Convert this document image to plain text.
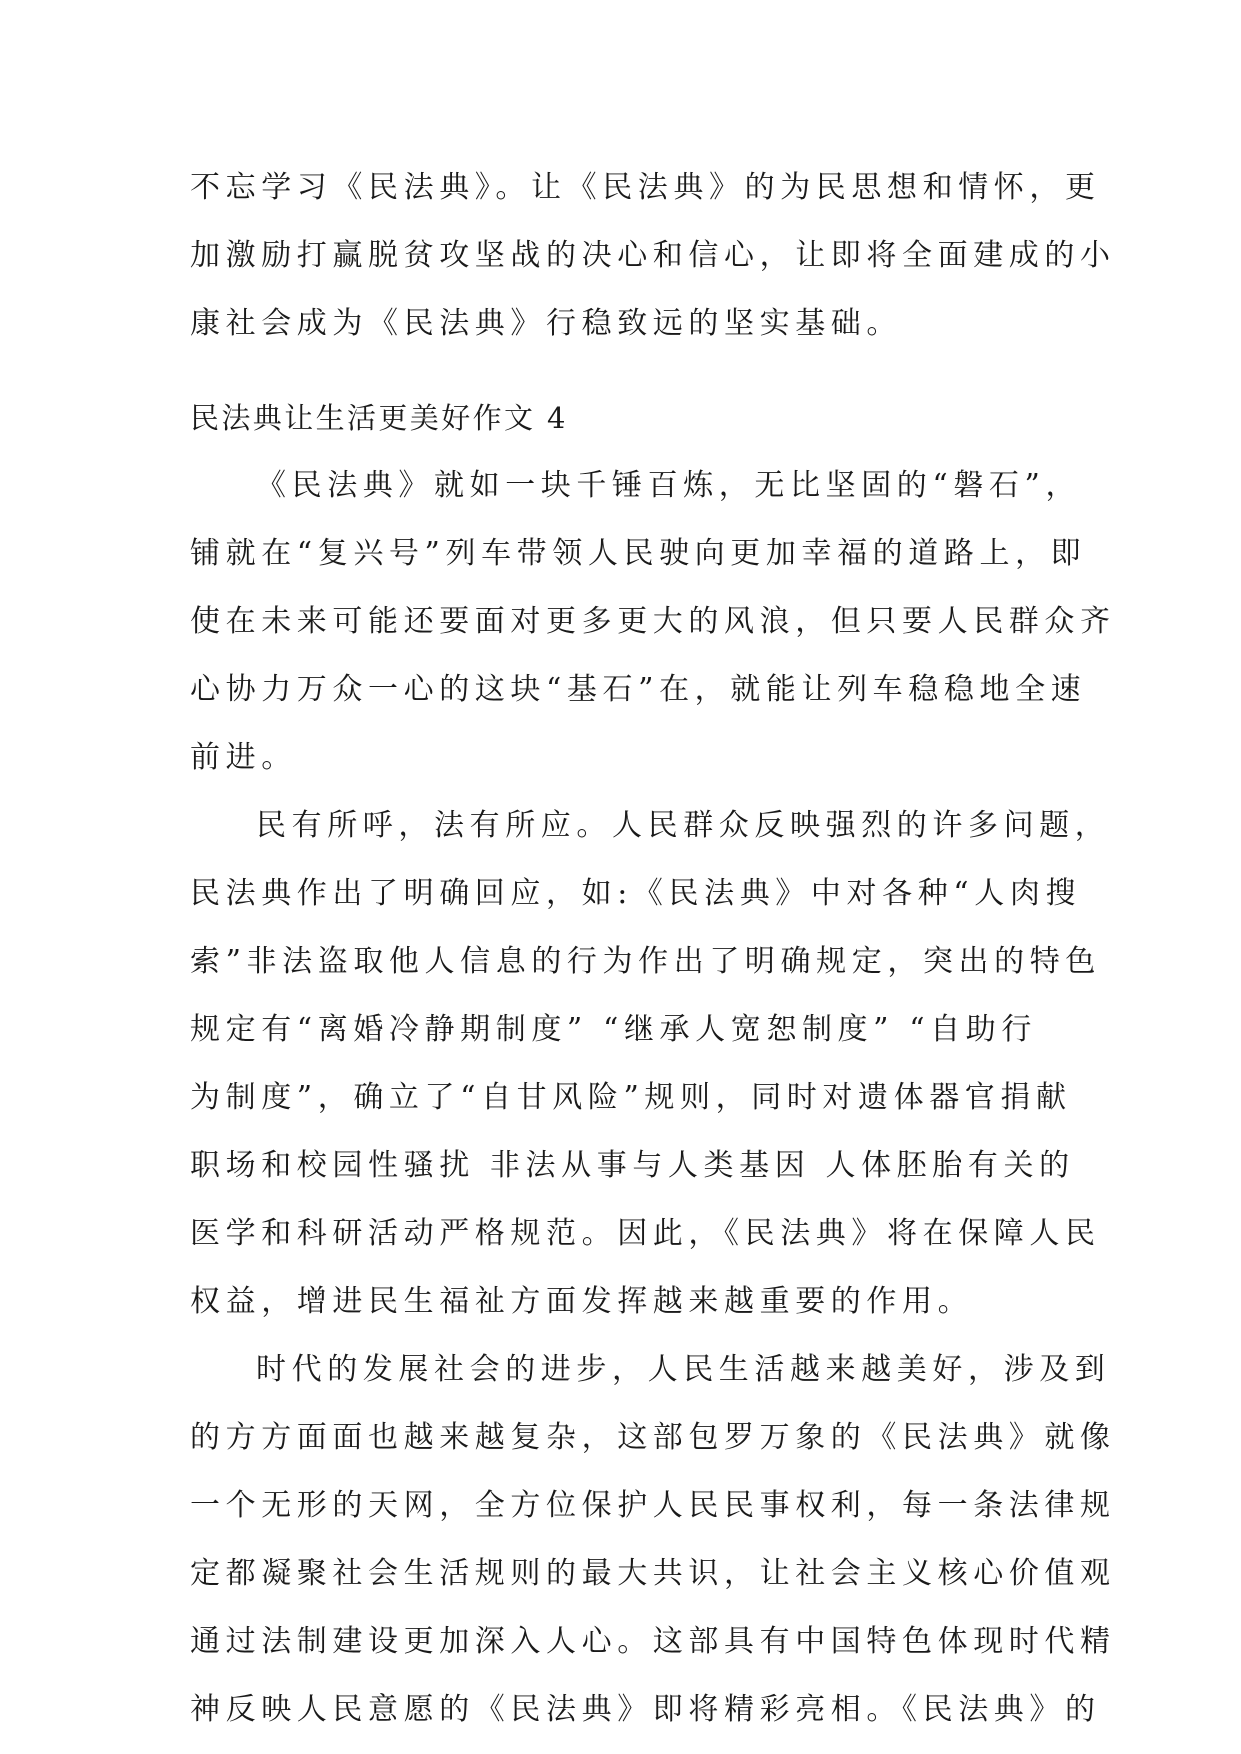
不忘学习《民法典》。让《民法典》的为民思想和情怀，更
加激励打赢脱贫攻坚战的决心和信心，让即将全面建成的小
康社会成为《民法典》行稳致远的坚实基础。
民法典让生活更美好作文 4
《民法典》就如一块千锤百炼，无比坚固的“磐石”，
铺就在“复兴号”列车带领人民驶向更加幸福的道路上，即
使在未来可能还要面对更多更大的风浪，但只要人民群众齐
心协力万众一心的这块“基石”在，就能让列车稳稳地全速
前进。
民有所呼，法有所应。人民群众反映强烈的许多问题，
民法典作出了明确回应，如:《民法典》中对各种“人肉搜
索”非法盗取他人信息的行为作出了明确规定，突出的特色
规定有“离婚冷静期制度” “继承人宽恕制度” “自助行
为制度”，确立了“自甘风险”规则，同时对遗体器官捐献
职场和校园性骚扰 非法从事与人类基因 人体胚胎有关的
医学和科研活动严格规范。因此，《民法典》将在保障人民
权益，增进民生福祉方面发挥越来越重要的作用。
时代的发展社会的进步，人民生活越来越美好，涉及到
的方方面面也越来越复杂，这部包罗万象的《民法典》就像
一个无形的天网，全方位保护人民民事权利，每一条法律规
定都凝聚社会生活规则的最大共识，让社会主义核心价值观
通过法制建设更加深入人心。这部具有中国特色体现时代精
神反映人民意愿的《民法典》即将精彩亮相。《民法典》的
